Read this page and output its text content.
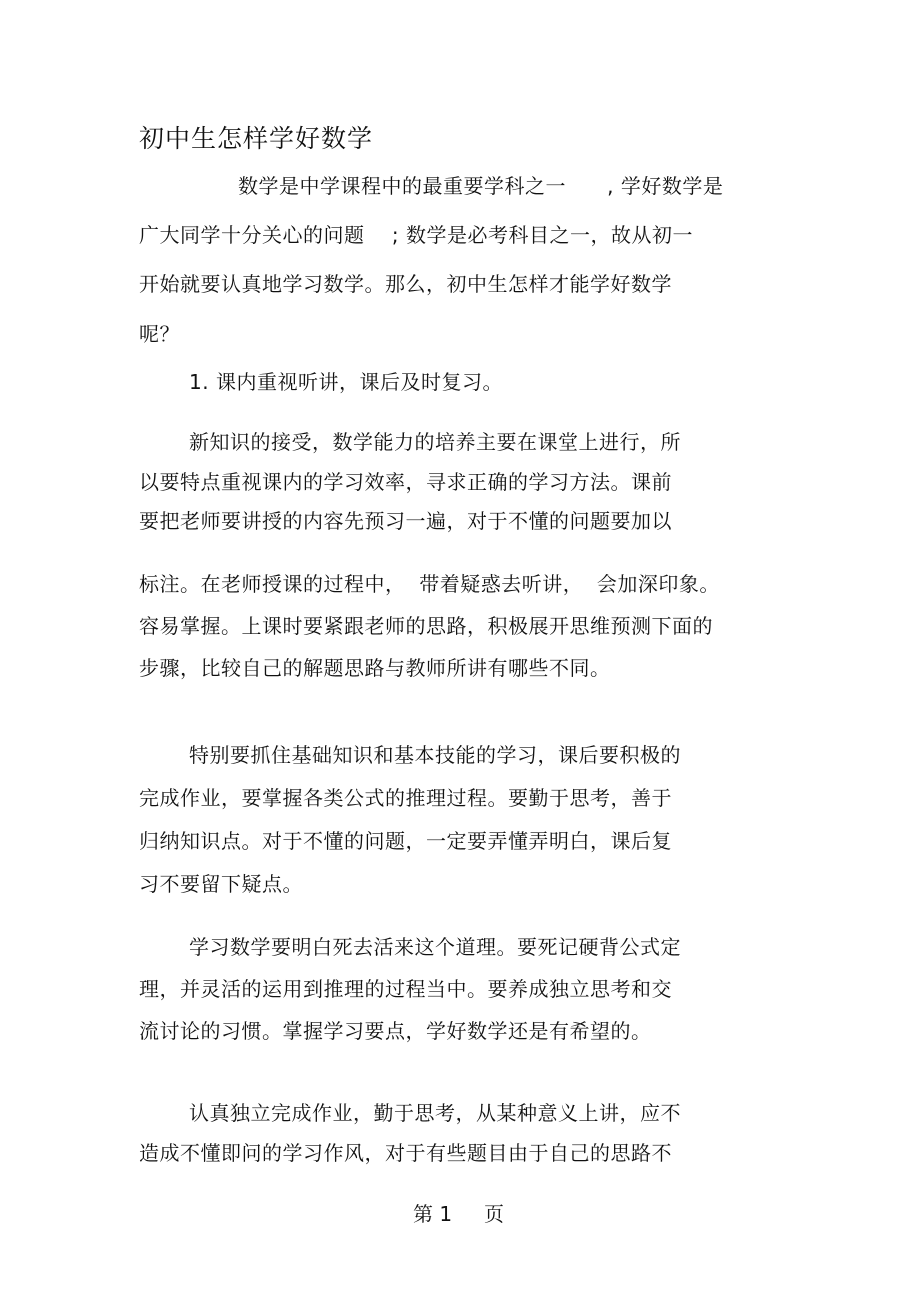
初中生怎样学好数学
数学是中学课程中的最重要学科之一      , 学好数学是
广大同学十分关心的问题    ; 数学是必考科目之一，故从初一
开始就要认真地学习数学。那么，初中生怎样才能学好数学
呢？
1. 课内重视听讲，课后及时复习。
新知识的接受，数学能力的培养主要在课堂上进行，所
以要特点重视课内的学习效率，寻求正确的学习方法。课前
要把老师要讲授的内容先预习一遍，对于不懂的问题要加以
标注。在老师授课的过程中，  带着疑惑去听讲，  会加深印象。
容易掌握。上课时要紧跟老师的思路，积极展开思维预测下面的
步骤，比较自己的解题思路与教师所讲有哪些不同。
特别要抓住基础知识和基本技能的学习，课后要积极的
完成作业，要掌握各类公式的推理过程。要勤于思考，善于
归纳知识点。对于不懂的问题，一定要弄懂弄明白，课后复
习不要留下疑点。
学习数学要明白死去活来这个道理。要死记硬背公式定
理，并灵活的运用到推理的过程当中。要养成独立思考和交
流讨论的习惯。掌握学习要点，学好数学还是有希望的。
认真独立完成作业，勤于思考，从某种意义上讲，应不
造成不懂即问的学习作风，对于有些题目由于自己的思路不
第 1 页
